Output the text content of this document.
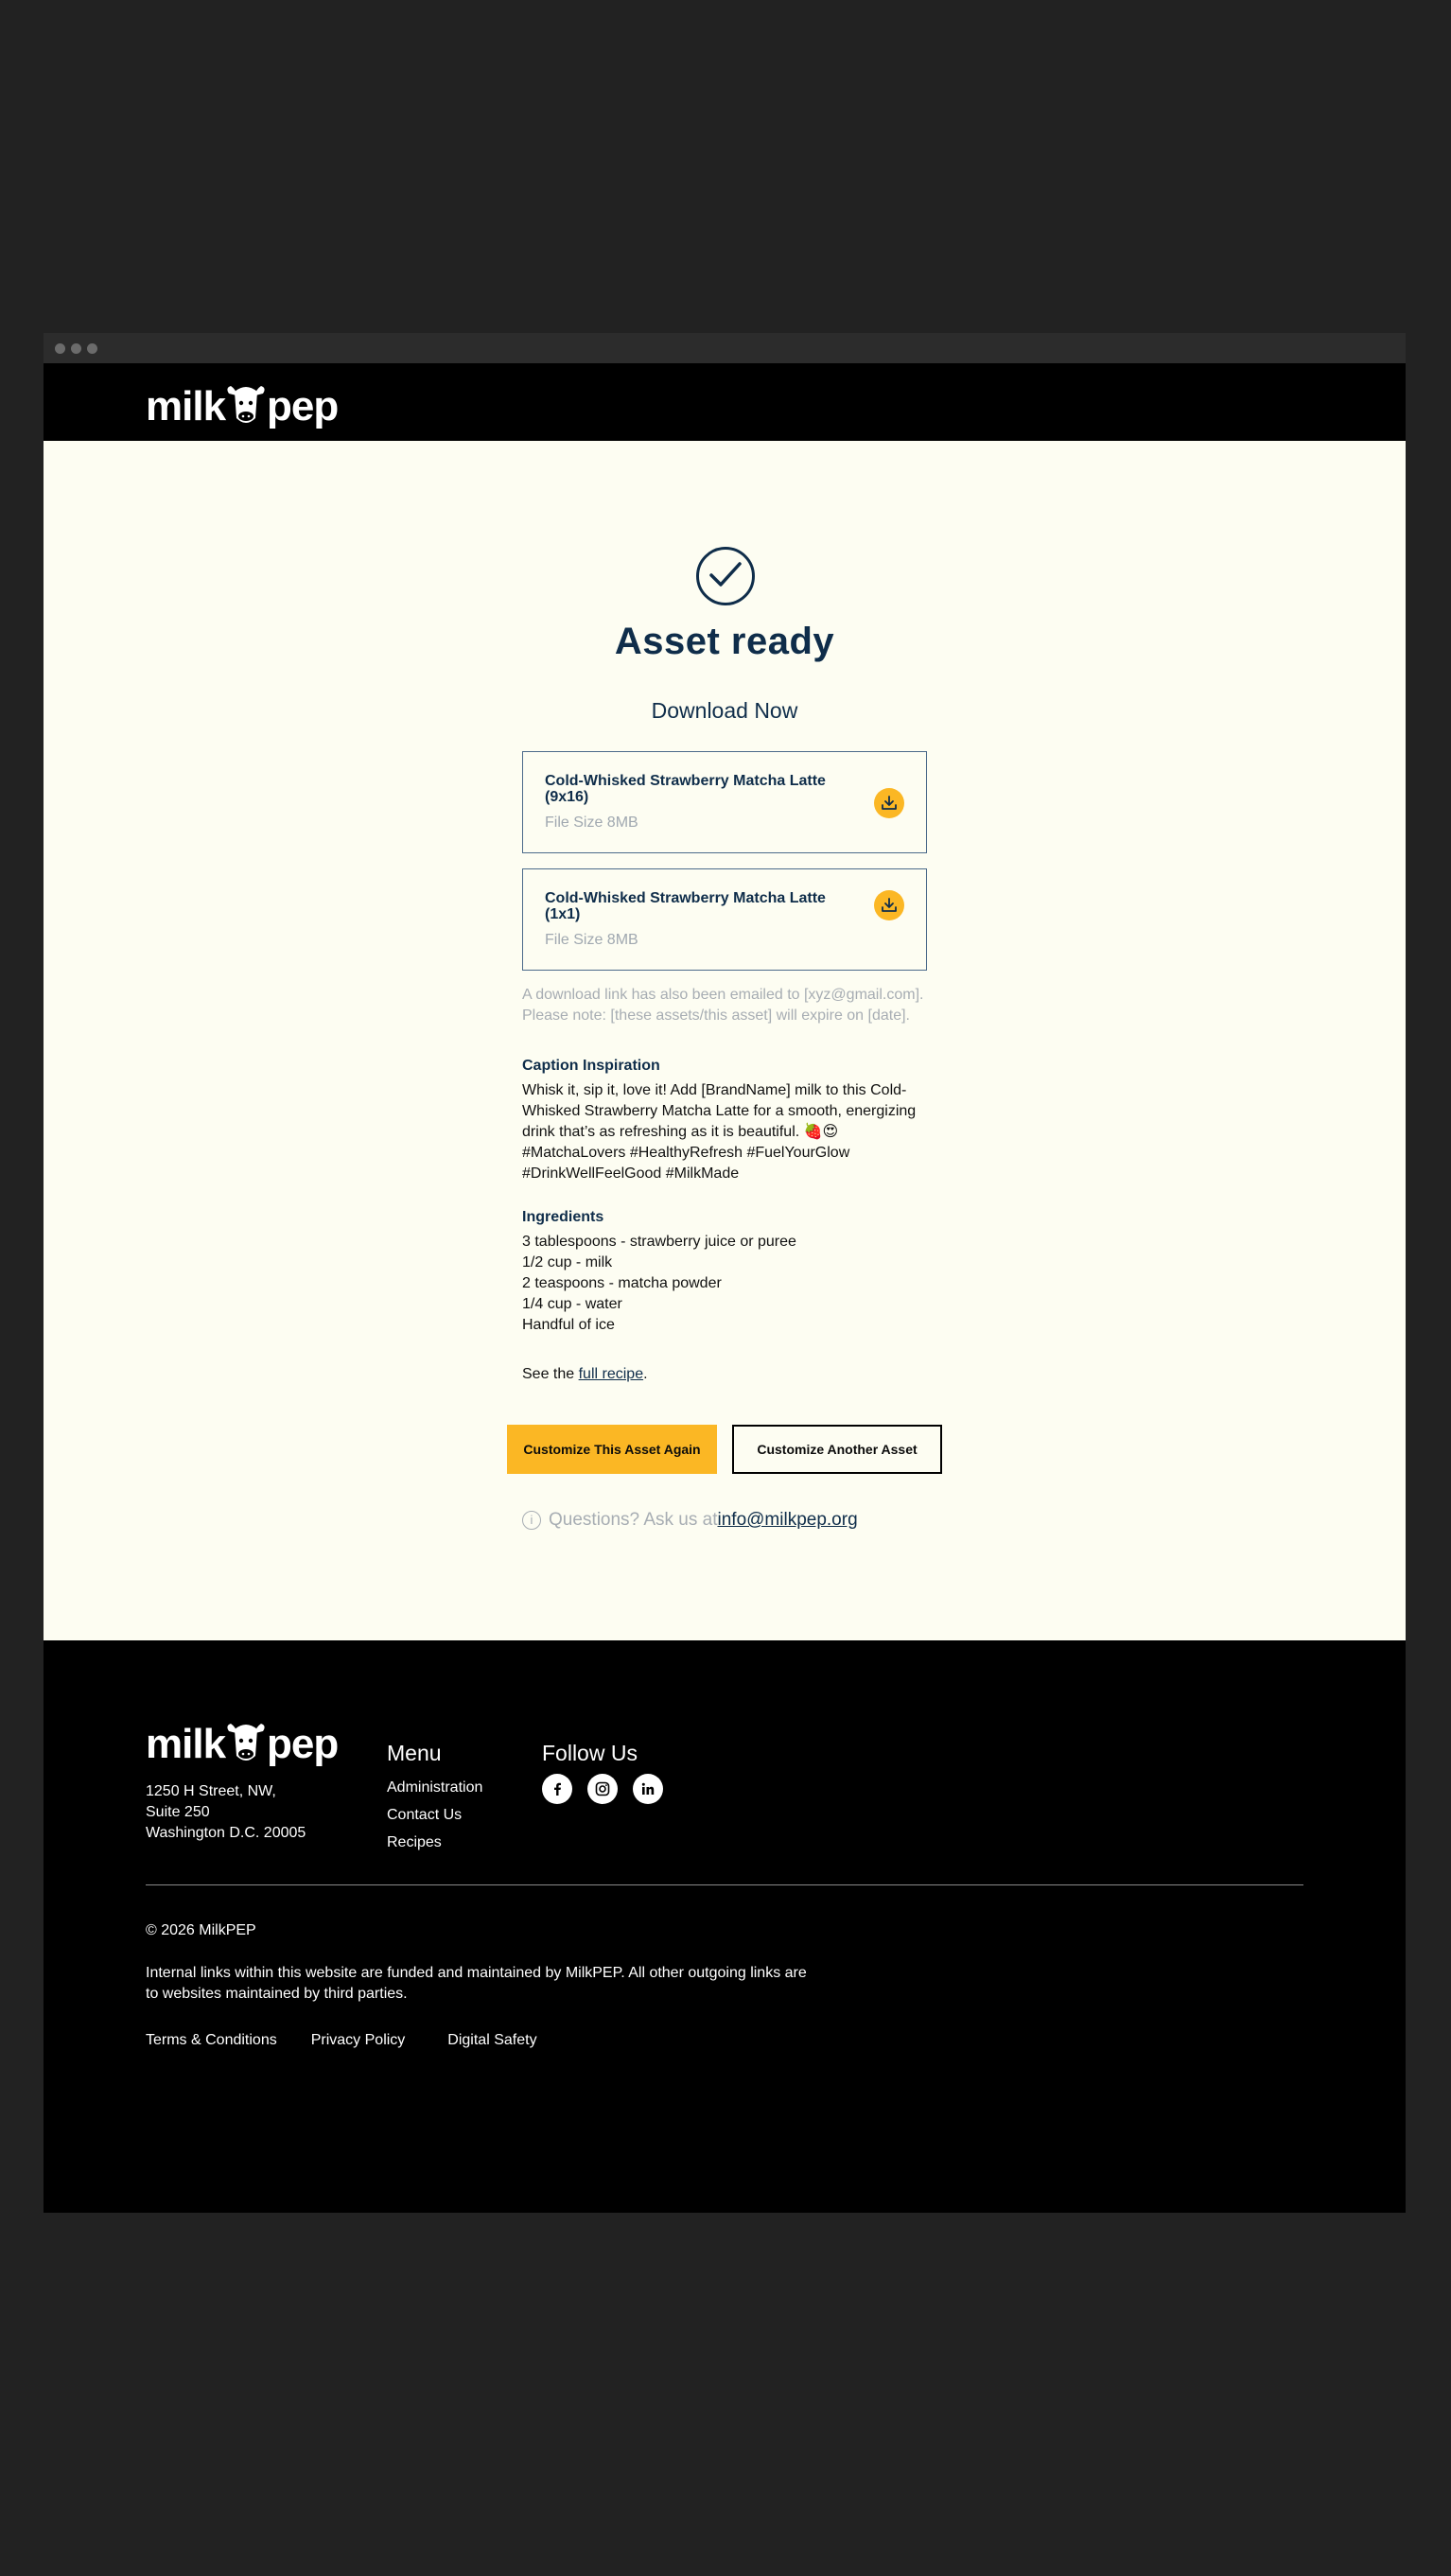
milk pep
Asset ready
Download Now
Cold-Whisked Strawberry Matcha Latte (9x16)
File Size 8MB
Cold-Whisked Strawberry Matcha Latte (1x1)
File Size 8MB
A download link has also been emailed to [xyz@gmail.com].
Please note: [these assets/this asset] will expire on [date].
Caption Inspiration
Whisk it, sip it, love it! Add [BrandName] milk to this Cold-Whisked Strawberry Matcha Latte for a smooth, energizing drink that’s as refreshing as it is beautiful. 🍓😍#MatchaLovers #HealthyRefresh #FuelYourGlow #DrinkWellFeelGood #MilkMade
Ingredients
3 tablespoons - strawberry juice or puree
1/2 cup - milk
2 teaspoons - matcha powder
1/4 cup - water
Handful of ice
See the full recipe.
Customize This Asset Again	Customize Another Asset
i
Questions? Ask us at info@milkpep.org
milk pep
1250 H Street, NW,
Suite 250
Washington D.C. 20005
Menu
Administration
Contact Us
Recipes
Follow Us
© 2026 MilkPEP
Internal links within this website are funded and maintained by MilkPEP. All other outgoing links are to websites maintained by third parties.
Terms & Conditions Privacy Policy	Digital Safety
